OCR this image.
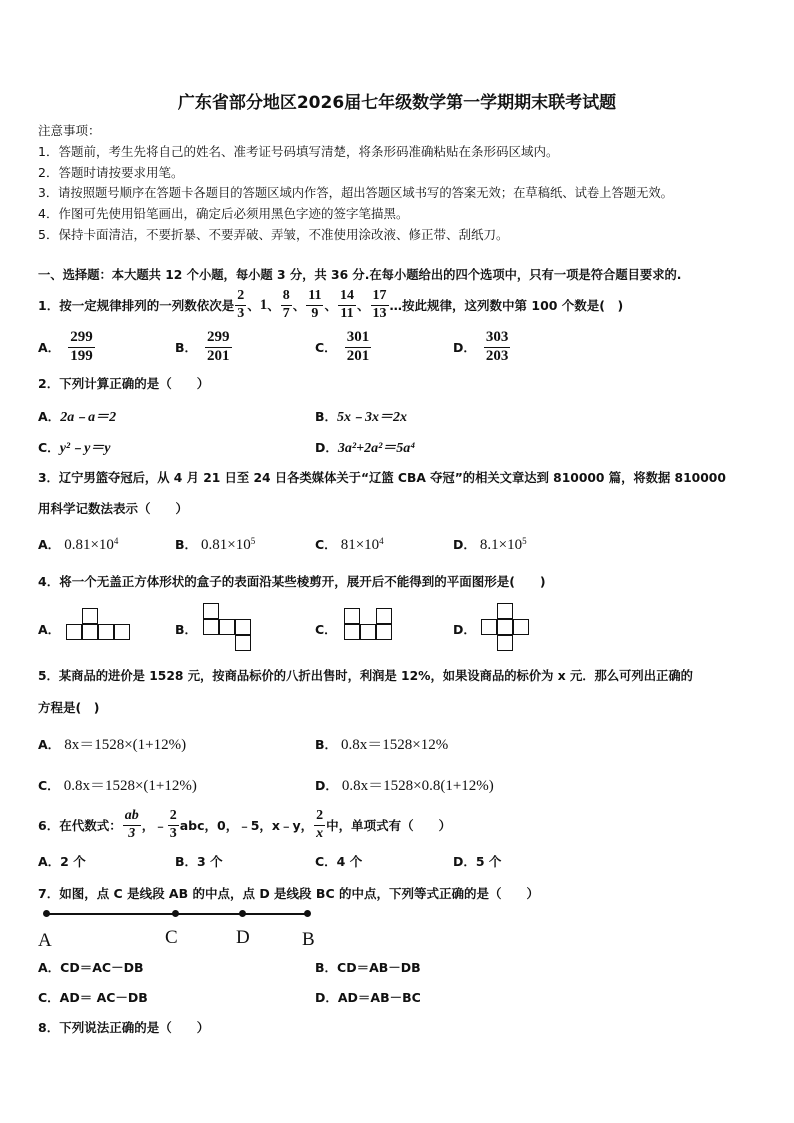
广东省部分地区2026届七年级数学第一学期期末联考试题
注意事项：
1．答题前，考生先将自己的姓名、准考证号码填写清楚，将条形码准确粘贴在条形码区域内。
2．答题时请按要求用笔。
3．请按照题号顺序在答题卡各题目的答题区域内作答，超出答题区域书写的答案无效；在草稿纸、试卷上答题无效。
4．作图可先使用铅笔画出，确定后必须用黑色字迹的签字笔描黑。
5．保持卡面清洁，不要折暴、不要弄破、弄皱，不准使用涂改液、修正带、刮纸刀。
一、选择题：本大题共 12 个小题，每小题 3 分，共 36 分.在每小题给出的四个选项中，只有一项是符合题目要求的.
1．按一定规律排列的一列数依次是 $\frac{2}{3}$ 、 1 、 $\frac{8}{7}$ 、 $\frac{11}{9}$ 、 $\frac{14}{11}$ 、 $\frac{17}{13}$ …按此规律，这列数中第 100 个数是(　)
A． $\frac{299}{199}$	B． $\frac{299}{201}$	C． $\frac{301}{201}$	D． $\frac{303}{203}$
2．下列计算正确的是（　　）
A．2a﹣a＝2	B．5x﹣3x＝2x
C．y²﹣y＝y	D．3a²+2a²＝5a⁴
3．辽宁男篮夺冠后，从 4 月 21 日至 24 日各类媒体关于“辽篮 CBA 夺冠”的相关文章达到 810000 篇，将数据 810000
用科学记数法表示（　　）
A． $0.81\times 10^4$	B． $0.81\times 10^5$	C． $81\times 10^4$	D． $8.1\times 10^5$
4．将一个无盖正方体形状的盒子的表面沿某些棱剪开，展开后不能得到的平面图形是(　　)
A．	B．	C．	D．
5．某商品的进价是 1528 元，按商品标价的八折出售时，利润是 12%，如果设商品的标价为 x 元．那么可列出正确的
方程是(　)
A． 8x＝1528×(1+12%)	B． 0.8x＝1528×12%
C． 0.8x＝1528×(1+12%)	D． 0.8x＝1528×0.8(1+12%)
6．在代数式： $\frac{ab}{3}$ ，﹣ $\frac{2}{3}$ abc，0，﹣5，x﹣y， $\frac{2}{x}$ 中，单项式有（　　）
A．2 个	B．3 个	C．4 个	D．5 个
7．如图，点 C 是线段 AB 的中点，点 D 是线段 BC 的中点，下列等式正确的是（　　）
A	C	D	B
A．CD＝AC－DB	B．CD＝AB－DB
C．AD＝ AC－DB	D．AD＝AB－BC
8．下列说法正确的是（　　）
